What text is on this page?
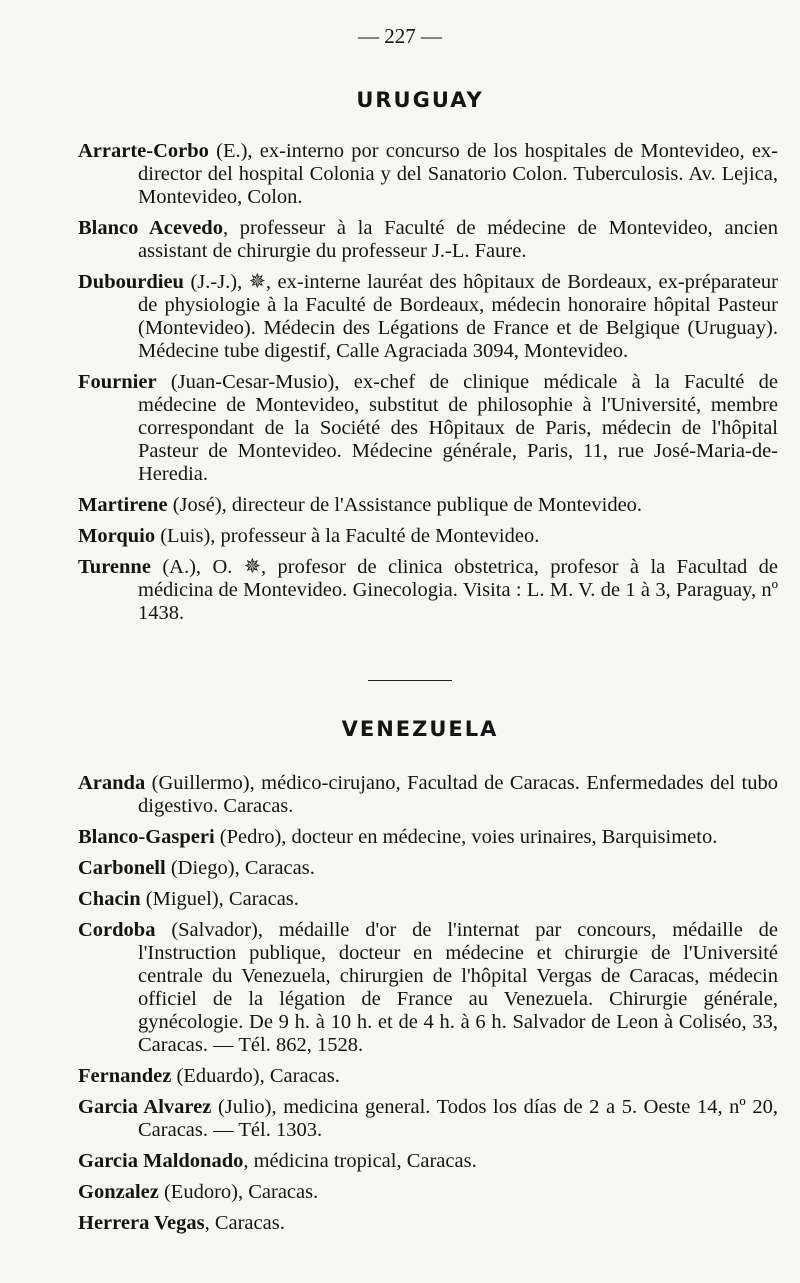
— 227 —
URUGUAY

Arrarte-Corbo (E.), ex-interno por concurso de los hospitales de Montevideo, ex-director del hospital Colonia y del Sanatorio Colon. Tuberculosis. Av. Lejica, Montevideo, Colon.

Blanco Acevedo, professeur à la Faculté de médecine de Montevideo, ancien assistant de chirurgie du professeur J.-L. Faure.

Dubourdieu (J.-J.), ✵, ex-interne lauréat des hôpitaux de Bordeaux, ex-préparateur de physiologie à la Faculté de Bordeaux, médecin honoraire hôpital Pasteur (Montevideo). Médecin des Légations de France et de Belgique (Uruguay). Médecine tube digestif, Calle Agraciada 3094, Montevideo.

Fournier (Juan-Cesar-Musio), ex-chef de clinique médicale à la Faculté de médecine de Montevideo, substitut de philosophie à l'Université, membre correspondant de la Société des Hôpitaux de Paris, médecin de l'hôpital Pasteur de Montevideo. Médecine générale, Paris, 11, rue José-Maria-de-Heredia.

Martirene (José), directeur de l'Assistance publique de Montevideo.

Morquio (Luis), professeur à la Faculté de Montevideo.

Turenne (A.), O. ✵, profesor de clinica obstetrica, profesor à la Facultad de médicina de Montevideo. Ginecologia. Visita : L. M. V. de 1 à 3, Paraguay, nº 1438.

VENEZUELA

Aranda (Guillermo), médico-cirujano, Facultad de Caracas. Enfermedades del tubo digestivo. Caracas.

Blanco-Gasperi (Pedro), docteur en médecine, voies urinaires, Barquisimeto.

Carbonell (Diego), Caracas.

Chacin (Miguel), Caracas.

Cordoba (Salvador), médaille d'or de l'internat par concours, médaille de l'Instruction publique, docteur en médecine et chirurgie de l'Université centrale du Venezuela, chirurgien de l'hôpital Vergas de Caracas, médecin officiel de la légation de France au Venezuela. Chirurgie générale, gynécologie. De 9 h. à 10 h. et de 4 h. à 6 h. Salvador de Leon à Coliséo, 33, Caracas. — Tél. 862, 1528.

Fernandez (Eduardo), Caracas.

Garcia Alvarez (Julio), medicina general. Todos los días de 2 a 5. Oeste 14, nº 20, Caracas. — Tél. 1303.

Garcia Maldonado, médicina tropical, Caracas.

Gonzalez (Eudoro), Caracas.

Herrera Vegas, Caracas.
